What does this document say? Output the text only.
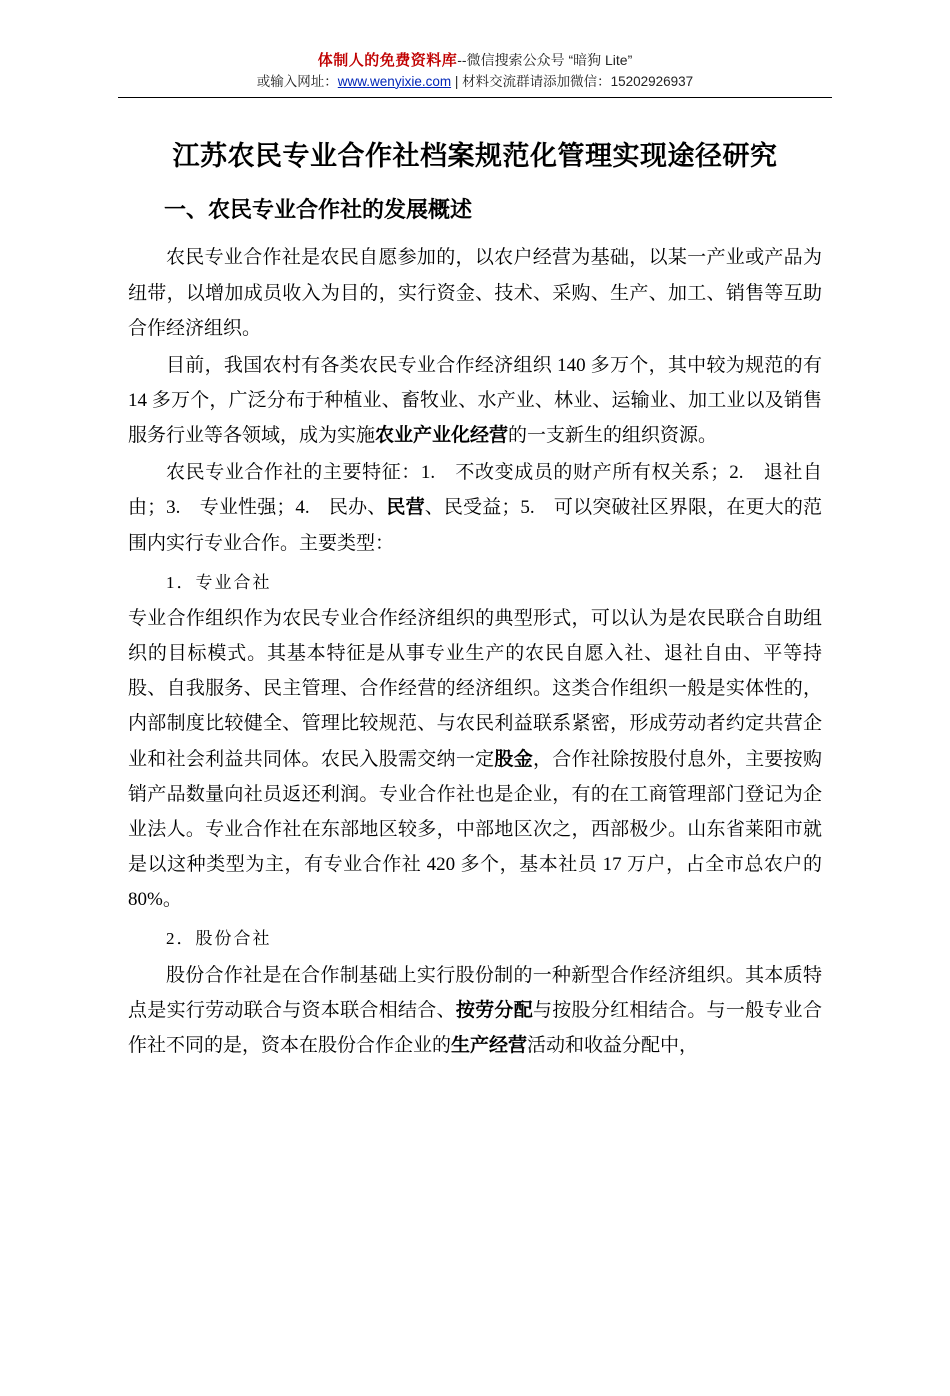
体制人的免费资料库--微信搜索公众号 “暗狗 Lite”
或输入网址：www.wenyixie.com | 材料交流群请添加微信：15202926937
江苏农民专业合作社档案规范化管理实现途径研究
一、农民专业合作社的发展概述

农民专业合作社是农民自愿参加的，以农户经营为基础，以某一产业或产品为纽带，以增加成员收入为目的，实行资金、技术、采购、生产、加工、销售等互助合作经济组织。

目前，我国农村有各类农民专业合作经济组织 140 多万个，其中较为规范的有 14 多万个，广泛分布于种植业、畜牧业、水产业、林业、运输业、加工业以及销售服务行业等各领域，成为实施农业产业化经营的一支新生的组织资源。

农民专业合作社的主要特征：1.　不改变成员的财产所有权关系；2.　退社自由；3.　专业性强；4.　民办、民营、民受益；5.　可以突破社区界限，在更大的范围内实行专业合作。主要类型：

1．专业合社

专业合作组织作为农民专业合作经济组织的典型形式，可以认为是农民联合自助组织的目标模式。其基本特征是从事专业生产的农民自愿入社、退社自由、平等持股、自我服务、民主管理、合作经营的经济组织。这类合作组织一般是实体性的，内部制度比较健全、管理比较规范、与农民利益联系紧密，形成劳动者约定共营企业和社会利益共同体。农民入股需交纳一定股金，合作社除按股付息外，主要按购销产品数量向社员返还利润。专业合作社也是企业，有的在工商管理部门登记为企业法人。专业合作社在东部地区较多，中部地区次之，西部极少。山东省莱阳市就是以这种类型为主，有专业合作社 420 多个，基本社员 17 万户，占全市总农户的 80%。

2．股份合社

股份合作社是在合作制基础上实行股份制的一种新型合作经济组织。其本质特点是实行劳动联合与资本联合相结合、按劳分配与按股分红相结合。与一般专业合作社不同的是，资本在股份合作企业的生产经营活动和收益分配中，
